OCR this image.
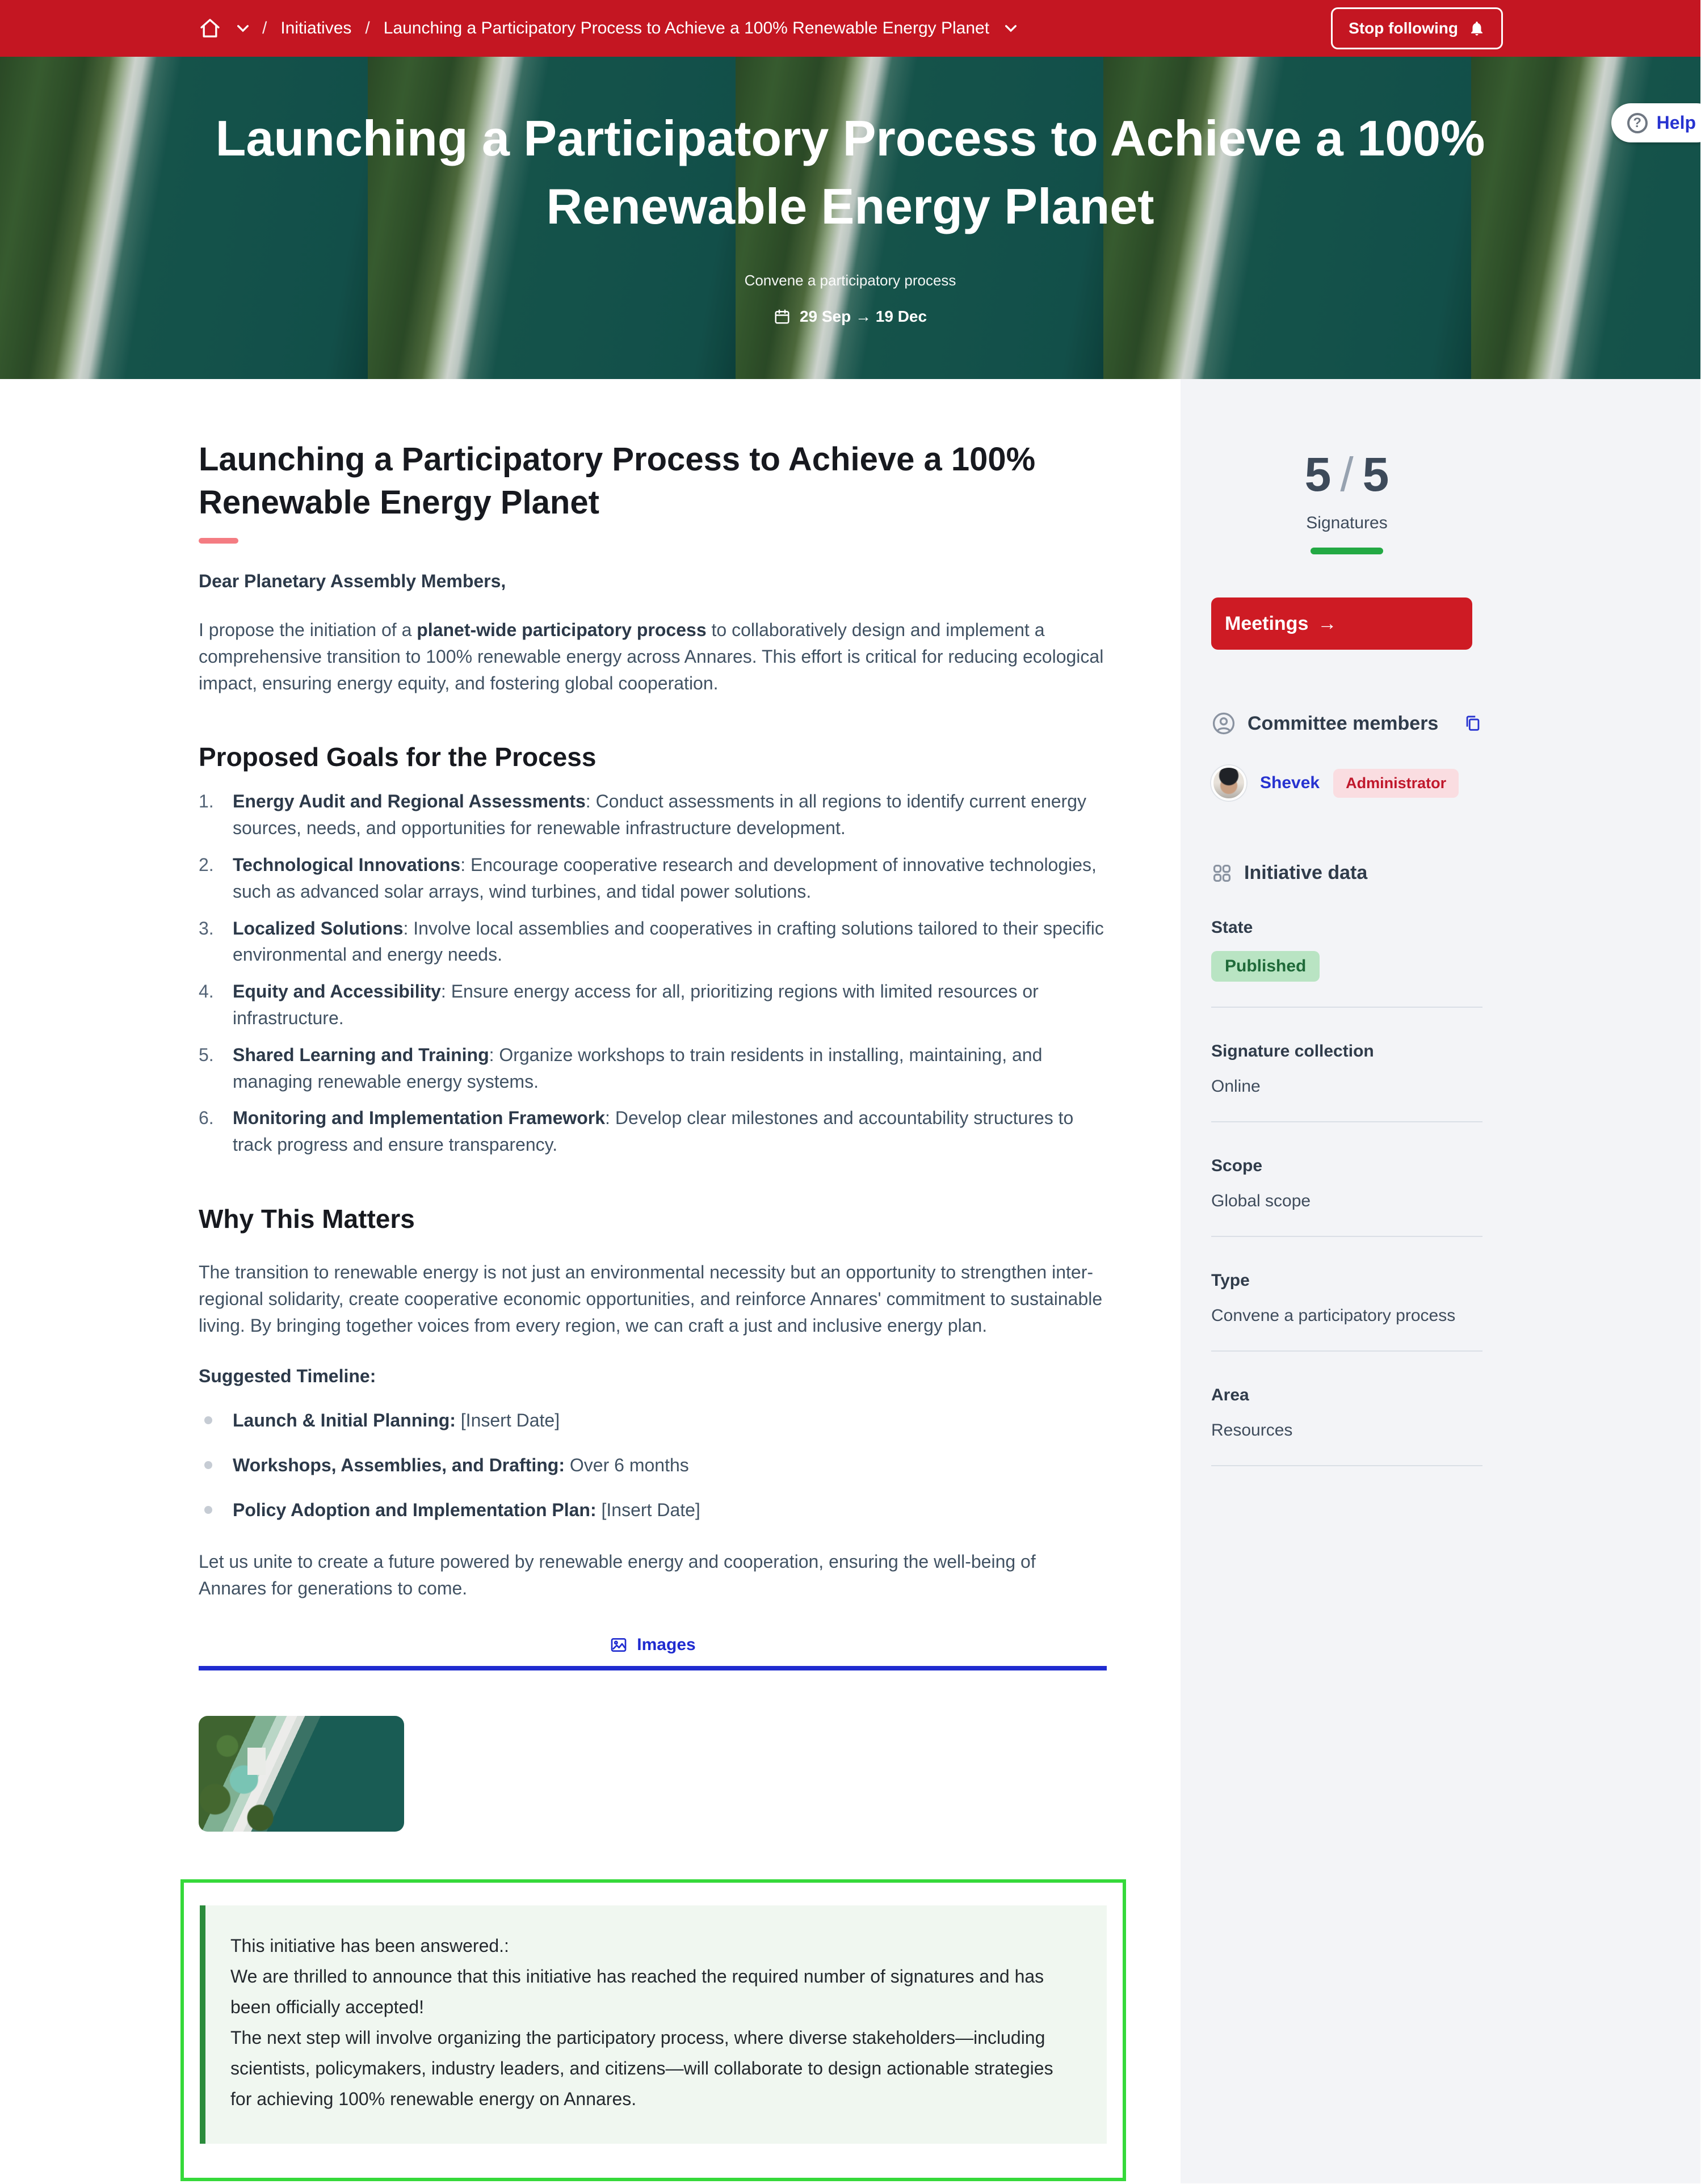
/ Initiatives / Launching a Participatory Process to Achieve a 100% Renewable Energy Planet	Stop following
Launching a Participatory Process to Achieve a 100% Renewable Energy Planet
Convene a participatory process
29 Sep → 19 Dec
?	Help
Launching a Participatory Process to Achieve a 100% Renewable Energy Planet

Dear Planetary Assembly Members,

I propose the initiation of a planet-wide participatory process to collaboratively design and implement a comprehensive transition to 100% renewable energy across Annares. This effort is critical for reducing ecological impact, ensuring energy equity, and fostering global cooperation.

Proposed Goals for the Process
1.	Energy Audit and Regional Assessments: Conduct assessments in all regions to identify current energy sources, needs, and opportunities for renewable infrastructure development.
2.	Technological Innovations: Encourage cooperative research and development of innovative technologies, such as advanced solar arrays, wind turbines, and tidal power solutions.
3.	Localized Solutions: Involve local assemblies and cooperatives in crafting solutions tailored to their specific environmental and energy needs.
4.	Equity and Accessibility: Ensure energy access for all, prioritizing regions with limited resources or infrastructure.
5.	Shared Learning and Training: Organize workshops to train residents in installing, maintaining, and managing renewable energy systems.
6.	Monitoring and Implementation Framework: Develop clear milestones and accountability structures to track progress and ensure transparency.
Why This Matters

The transition to renewable energy is not just an environmental necessity but an opportunity to strengthen inter-regional solidarity, create cooperative economic opportunities, and reinforce Annares' commitment to sustainable living. By bringing together voices from every region, we can craft a just and inclusive energy plan.

Suggested Timeline:

Launch & Initial Planning: [Insert Date]
Workshops, Assemblies, and Drafting: Over 6 months
Policy Adoption and Implementation Plan: [Insert Date]

Let us unite to create a future powered by renewable energy and cooperation, ensuring the well-being of Annares for generations to come.

Images

This initiative has been answered.:

We are thrilled to announce that this initiative has reached the required number of signatures and has been officially accepted!

The next step will involve organizing the participatory process, where diverse stakeholders—including scientists, policymakers, industry leaders, and citizens—will collaborate to design actionable strategies for achieving 100% renewable energy on Annares.

5 / 5
Signatures
Meetings →
Committee members
Shevek	Administrator
Initiative data
State
Published
Signature collection
Online
Scope
Global scope
Type
Convene a participatory process
Area
Resources
